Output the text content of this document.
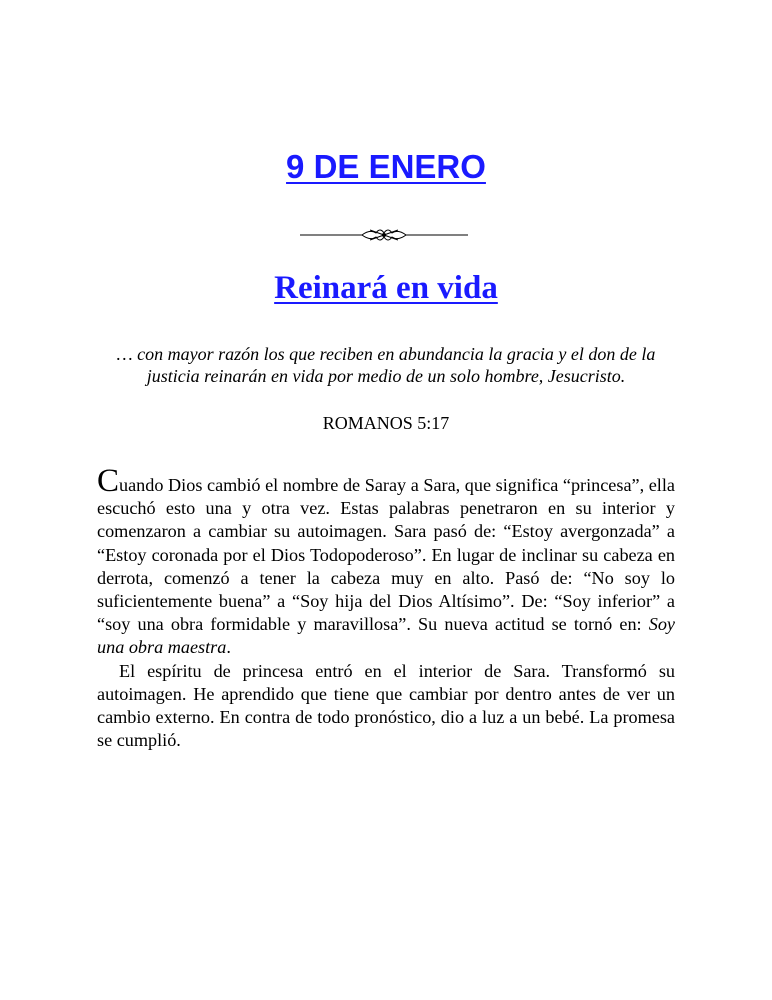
9 DE ENERO
Reinará en vida

… con mayor razón los que reciben en abundancia la gracia y el don de la justicia reinarán en vida por medio de un solo hombre, Jesucristo.

ROMANOS 5:17

Cuando Dios cambió el nombre de Saray a Sara, que significa “princesa”, ella escuchó esto una y otra vez. Estas palabras penetraron en su interior y comenzaron a cambiar su autoimagen. Sara pasó de: “Estoy avergonzada” a “Estoy coronada por el Dios Todopoderoso”. En lugar de inclinar su cabeza en derrota, comenzó a tener la cabeza muy en alto. Pasó de: “No soy lo suficientemente buena” a “Soy hija del Dios Altísimo”. De: “Soy inferior” a “soy una obra formidable y maravillosa”. Su nueva actitud se tornó en: Soy una obra maestra.

El espíritu de princesa entró en el interior de Sara. Transformó su autoimagen. He aprendido que tiene que cambiar por dentro antes de ver un cambio externo. En contra de todo pronóstico, dio a luz a un bebé. La promesa se cumplió.
